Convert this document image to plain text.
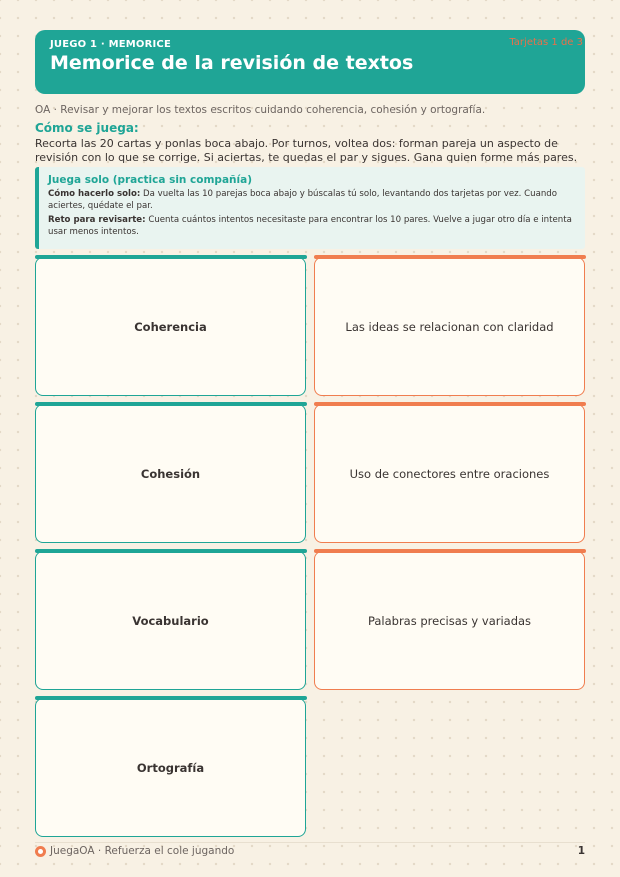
JUEGO 1 · MEMORICE
Memorice de la revisión de textos
Tarjetas 1 de 3
OA · Revisar y mejorar los textos escritos cuidando coherencia, cohesión y ortografía.
Cómo se juega:
Recorta las 20 cartas y ponlas boca abajo. Por turnos, voltea dos: forman pareja un aspecto de revisión con lo que se corrige. Si aciertas, te quedas el par y sigues. Gana quien forme más pares.
Juega solo (practica sin compañía)

Cómo hacerlo solo: Da vuelta las 10 parejas boca abajo y búscalas tú solo, levantando dos tarjetas por vez. Cuando aciertes, quédate el par.

Reto para revisarte: Cuenta cuántos intentos necesitaste para encontrar los 10 pares. Vuelve a jugar otro día e intenta usar menos intentos.

Coherencia	Las ideas se relacionan con claridad
Cohesión	Uso de conectores entre oraciones
Vocabulario	Palabras precisas y variadas
Ortografía
JuegaOA · Refuerza el cole jugando	1
